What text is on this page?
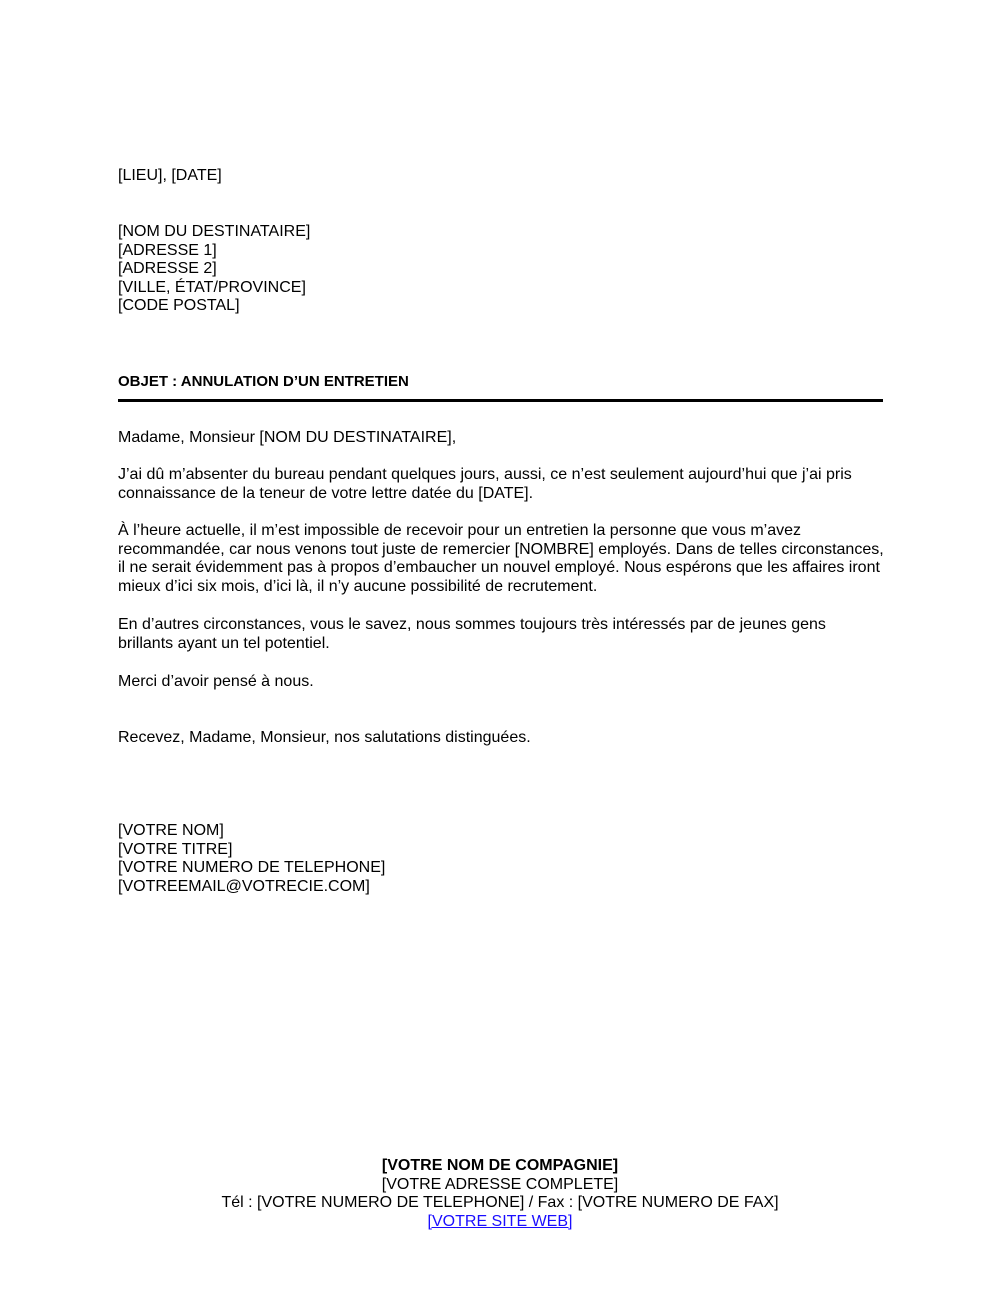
[LIEU], [DATE]
[NOM DU DESTINATAIRE]
[ADRESSE 1]
[ADRESSE 2]
[VILLE, ÉTAT/PROVINCE]
[CODE POSTAL]
OBJET : ANNULATION D’UN ENTRETIEN
Madame, Monsieur [NOM DU DESTINATAIRE],
J’ai dû m’absenter du bureau pendant quelques jours, aussi, ce n’est seulement aujourd’hui que j’ai pris connaissance de la teneur de votre lettre datée du [DATE].
À l’heure actuelle, il m’est impossible de recevoir pour un entretien la personne que vous m’avez recommandée, car nous venons tout juste de remercier [NOMBRE] employés. Dans de telles circonstances, il ne serait évidemment pas à propos d’embaucher un nouvel employé. Nous espérons que les affaires iront mieux d’ici six mois, d’ici là, il n’y aucune possibilité de recrutement.
En d’autres circonstances, vous le savez, nous sommes toujours très intéressés par de jeunes gens brillants ayant un tel potentiel.
Merci d’avoir pensé à nous.
Recevez, Madame, Monsieur, nos salutations distinguées.
[VOTRE NOM]
[VOTRE TITRE]
[VOTRE NUMERO DE TELEPHONE]
[VOTREEMAIL@VOTRECIE.COM]
[VOTRE NOM DE COMPAGNIE]
[VOTRE ADRESSE COMPLETE]
Tél : [VOTRE NUMERO DE TELEPHONE] / Fax : [VOTRE NUMERO DE FAX]
[VOTRE SITE WEB]
